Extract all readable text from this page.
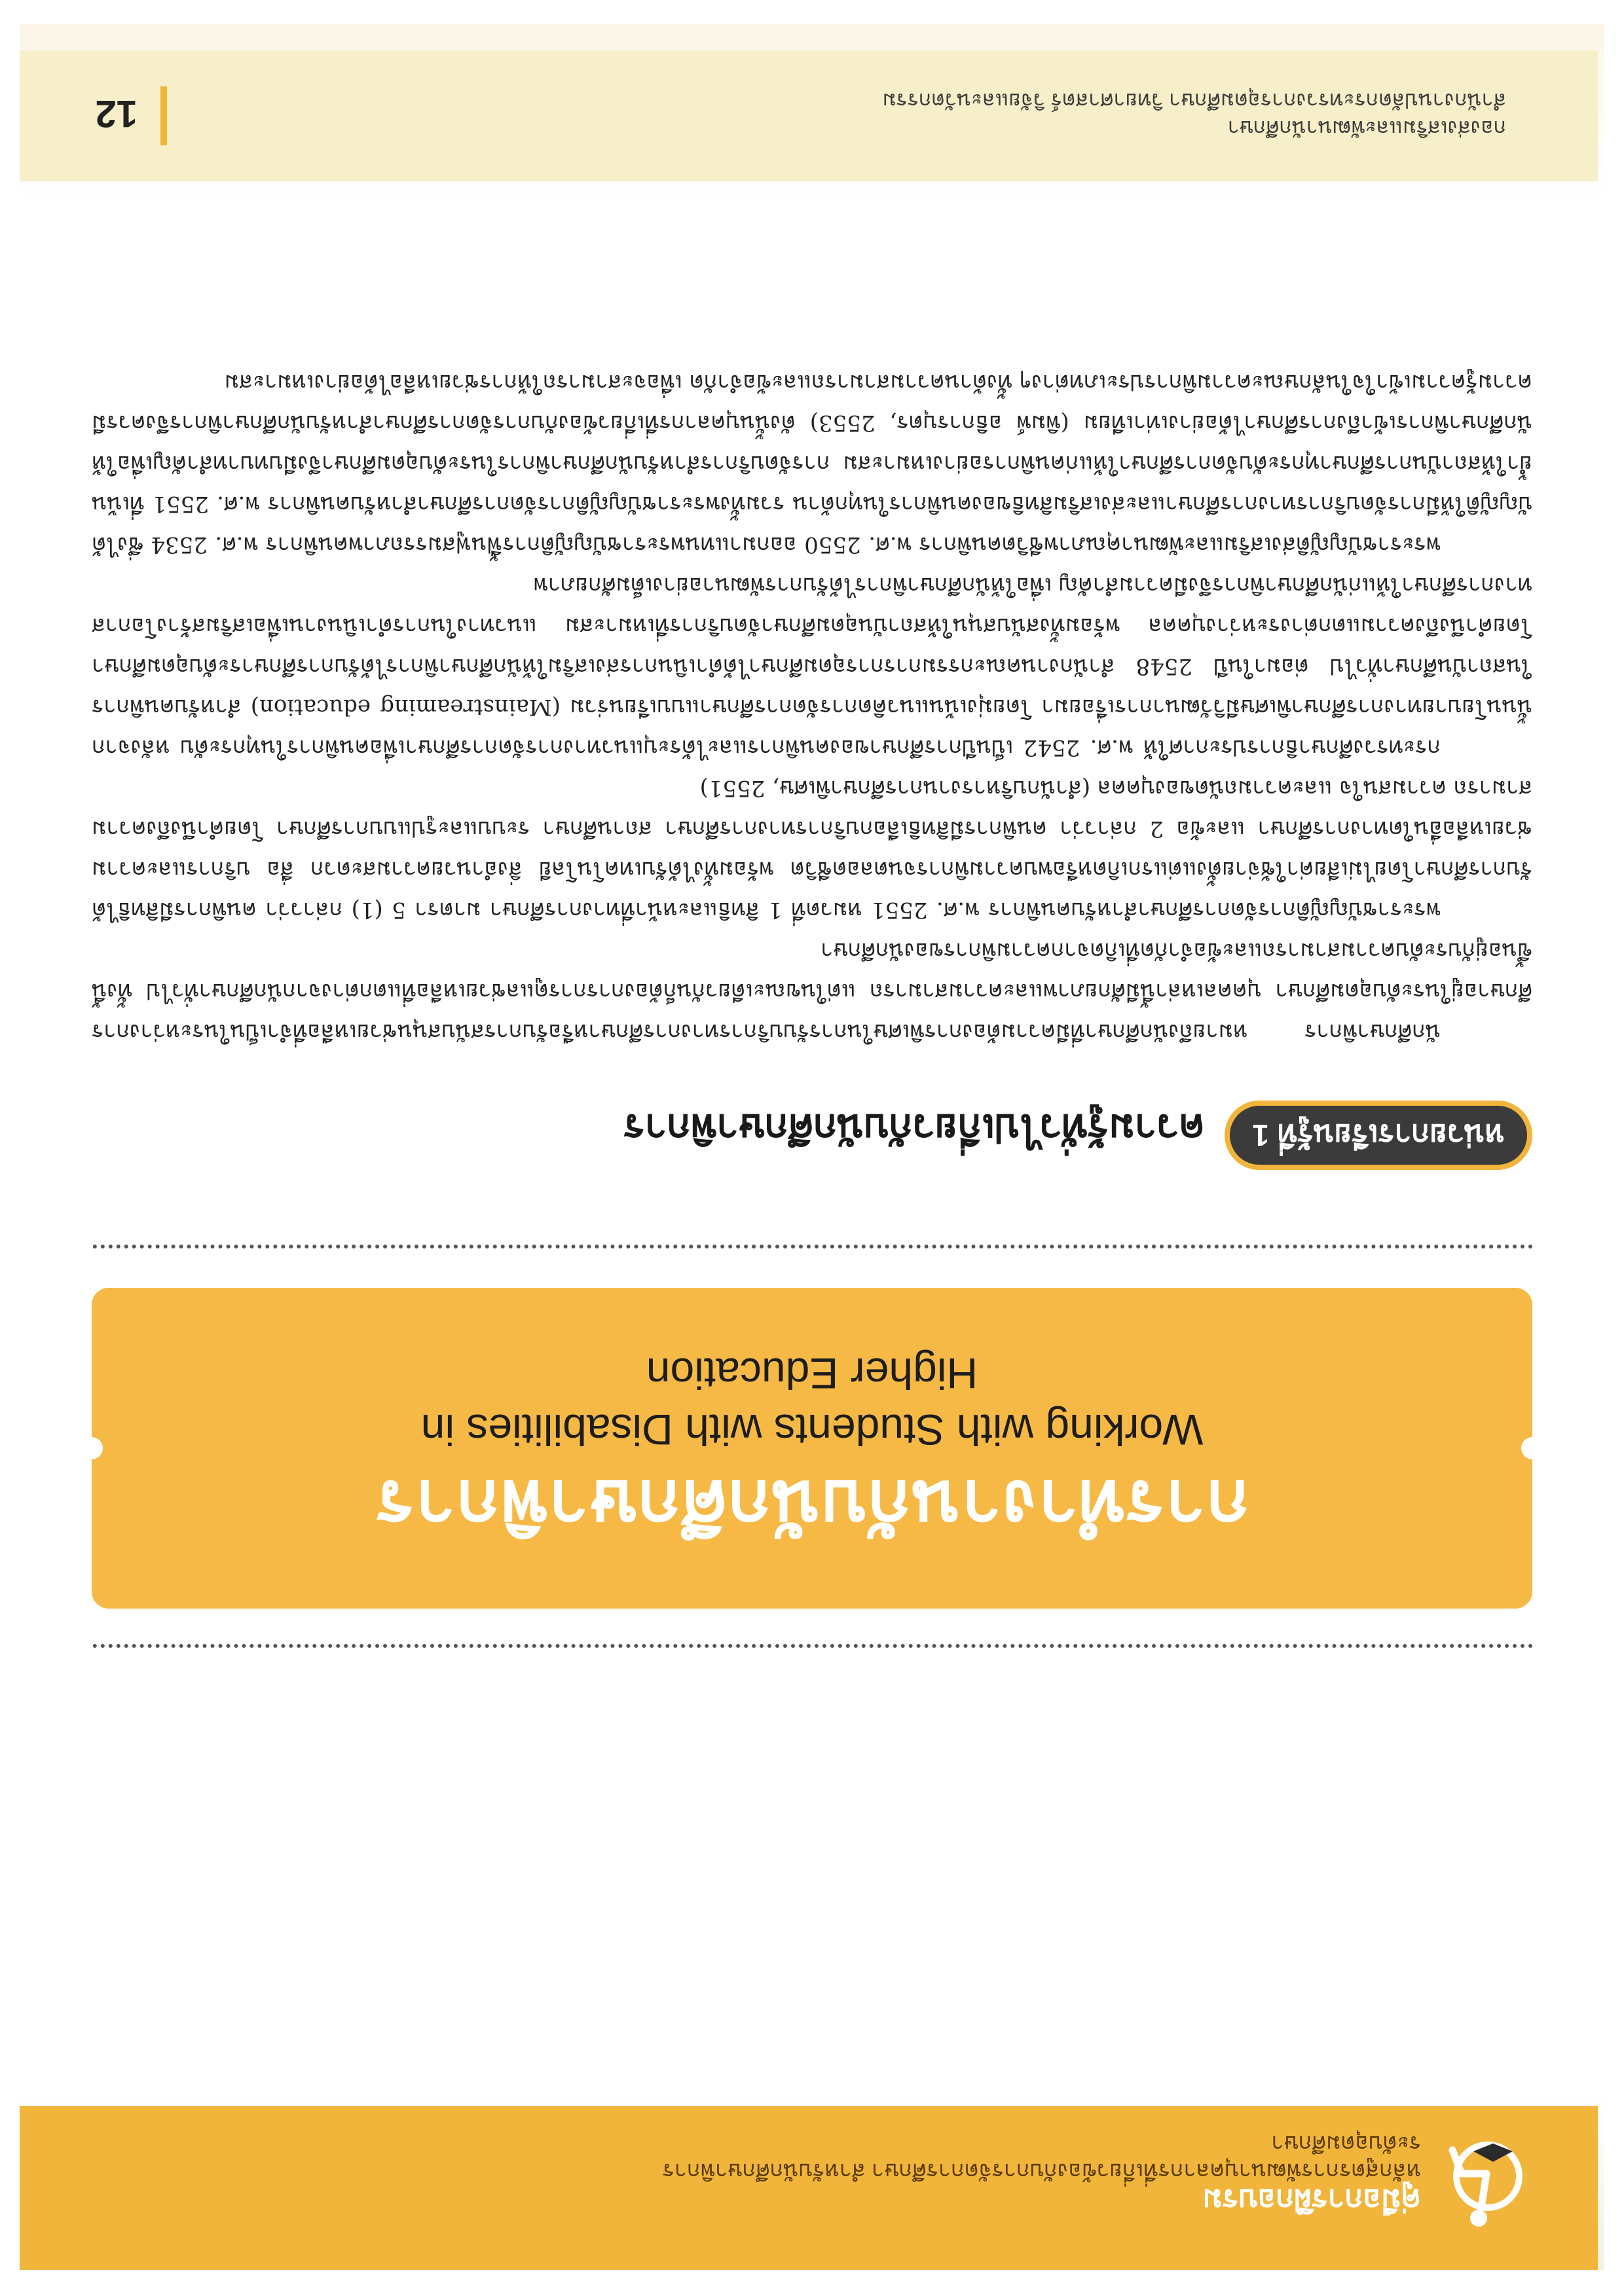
คู่มือการฝึกอบรม
หลักสูตรการพัฒนาบุคลากรที่เกี่ยวข้องกับการจัดการศึกษา สำหรับนักศึกษาพิการระดับอุดมศึกษา
การทำงานกับนักศึกษาพิการ
Working with Students with Disabilities in
Higher Education
หน่วยการเรียนรู้ที่ 1
ความรู้ทั่วไปเกี่ยวกับนักศึกษาพิการ

นักศึกษาพิการ หมายถึงนักศึกษาที่มีความต้องการพิเศษในการรับบริการทางการศึกษาหรือรับการสนับสนุนช่วยเหลือที่จำเป็นในระหว่างการศึกษาอยู่ในระดับอุดมศึกษา บุคคลเหล่านี้มีศักยภาพและความสามารถ แต่ในขณะเดียวกันก็ต้องการการดูแลช่วยเหลือที่แตกต่างจากนักศึกษาทั่วไป ทั้งนี้ขึ้นอยู่กับระดับความสามารถและข้อจำกัดที่เกิดจากความพิการของนักศึกษา

พระราชบัญญัติการจัดการศึกษาสำหรับคนพิการ พ.ศ. 2551 หมวดที่ 1 สิทธิและหน้าที่ทางการศึกษา มาตรา 5 (1) กล่าวว่า คนพิการมีสิทธิได้รับการศึกษาโดยไม่เสียค่าใช้จ่ายตั้งแต่แรกเกิดหรือพบความพิการจนตลอดชีวิต พร้อมทั้งได้รับเทคโนโลยี สิ่งอำนวยความสะดวก สื่อ บริการและความช่วยเหลืออื่นใดทางการศึกษา และข้อ 2 กล่าวว่า คนพิการมีสิทธิเลือกบริการทางการศึกษา สถานศึกษา ระบบและรูปแบบการศึกษา โดยคำนึงถึงความสามารถ ความสนใจ และความถนัดของบุคคล (สำนักบริหารงานการศึกษาพิเศษ, 2551)

กระทรวงศึกษาธิการประกาศให้ พ.ศ. 2542 เป็นปีการศึกษาของคนพิการและได้ระบุแนวทางการจัดการศึกษาเพื่อคนพิการในทุกระดับ หลังจากนั้นนโยบายทางการศึกษาพิเศษมีวิวัฒนาการเรื่อยมา โดยมุ่งเน้นแนวคิดการจัดการศึกษาแบบเรียนร่วม (Mainstreaming education) สำหรับคนพิการในสถาบันศึกษาทั่วไป ต่อมาในปี 2548 สำนักงานคณะกรรมการการอุดมศึกษาได้ดำเนินการส่งเสริมให้นักศึกษาพิการได้รับการศึกษาระดับอุดมศึกษา โดยคำนึงถึงความแตกต่างระหว่างบุคคล พร้อมทั้งสนับสนุนให้สถาบันอุดมศึกษาจัดบริการที่เหมาะสม แนวทางในการดำเนินงานเพื่อเสริมสร้างโอกาสทางการศึกษาให้แก่นักศึกษาพิการจึงมีความสำคัญ เพื่อให้นักศึกษาพิการได้รับการพัฒนาอย่างเต็มศักยภาพ

พระราชบัญญัติส่งเสริมและพัฒนาคุณภาพชีวิตคนพิการ พ.ศ. 2550 ออกมาแทนพระราชบัญญัติการฟื้นฟูสมรรถภาพคนพิการ พ.ศ. 2534 ซึ่งได้บัญญัติให้มีการจัดบริการทางการศึกษาและส่งเสริมสิทธิของคนพิการในทุกด้าน รวมทั้งพระราชบัญญัติการจัดการศึกษาสำหรับคนพิการ พ.ศ. 2551 ที่เน้นย้ำให้สถาบันการศึกษาทุกระดับจัดการศึกษาให้แก่คนพิการอย่างเหมาะสม การจัดบริการสำหรับนักศึกษาพิการในระดับอุดมศึกษาจึงมีบทบาทสำคัญเพื่อให้นักศึกษาพิการเข้าถึงการศึกษาได้อย่างเท่าเทียม (พิมพ์ อธิการบุตร, 2553) ดังนั้นบุคลากรที่เกี่ยวข้องกับการจัดการศึกษาสำหรับนักศึกษาพิการจึงควรมีความรู้ความเข้าใจในลักษณะความพิการประเภทต่างๆ ทั้งด้านความสามารถและข้อจำกัด เพื่อจะสามารถให้การช่วยเหลือได้อย่างเหมาะสม

กองส่งเสริมและพัฒนานักศึกษา
สำนักงานปลัดกระทรวงการอุดมศึกษา วิทยาศาสตร์ วิจัยและนวัตกรรม
12
